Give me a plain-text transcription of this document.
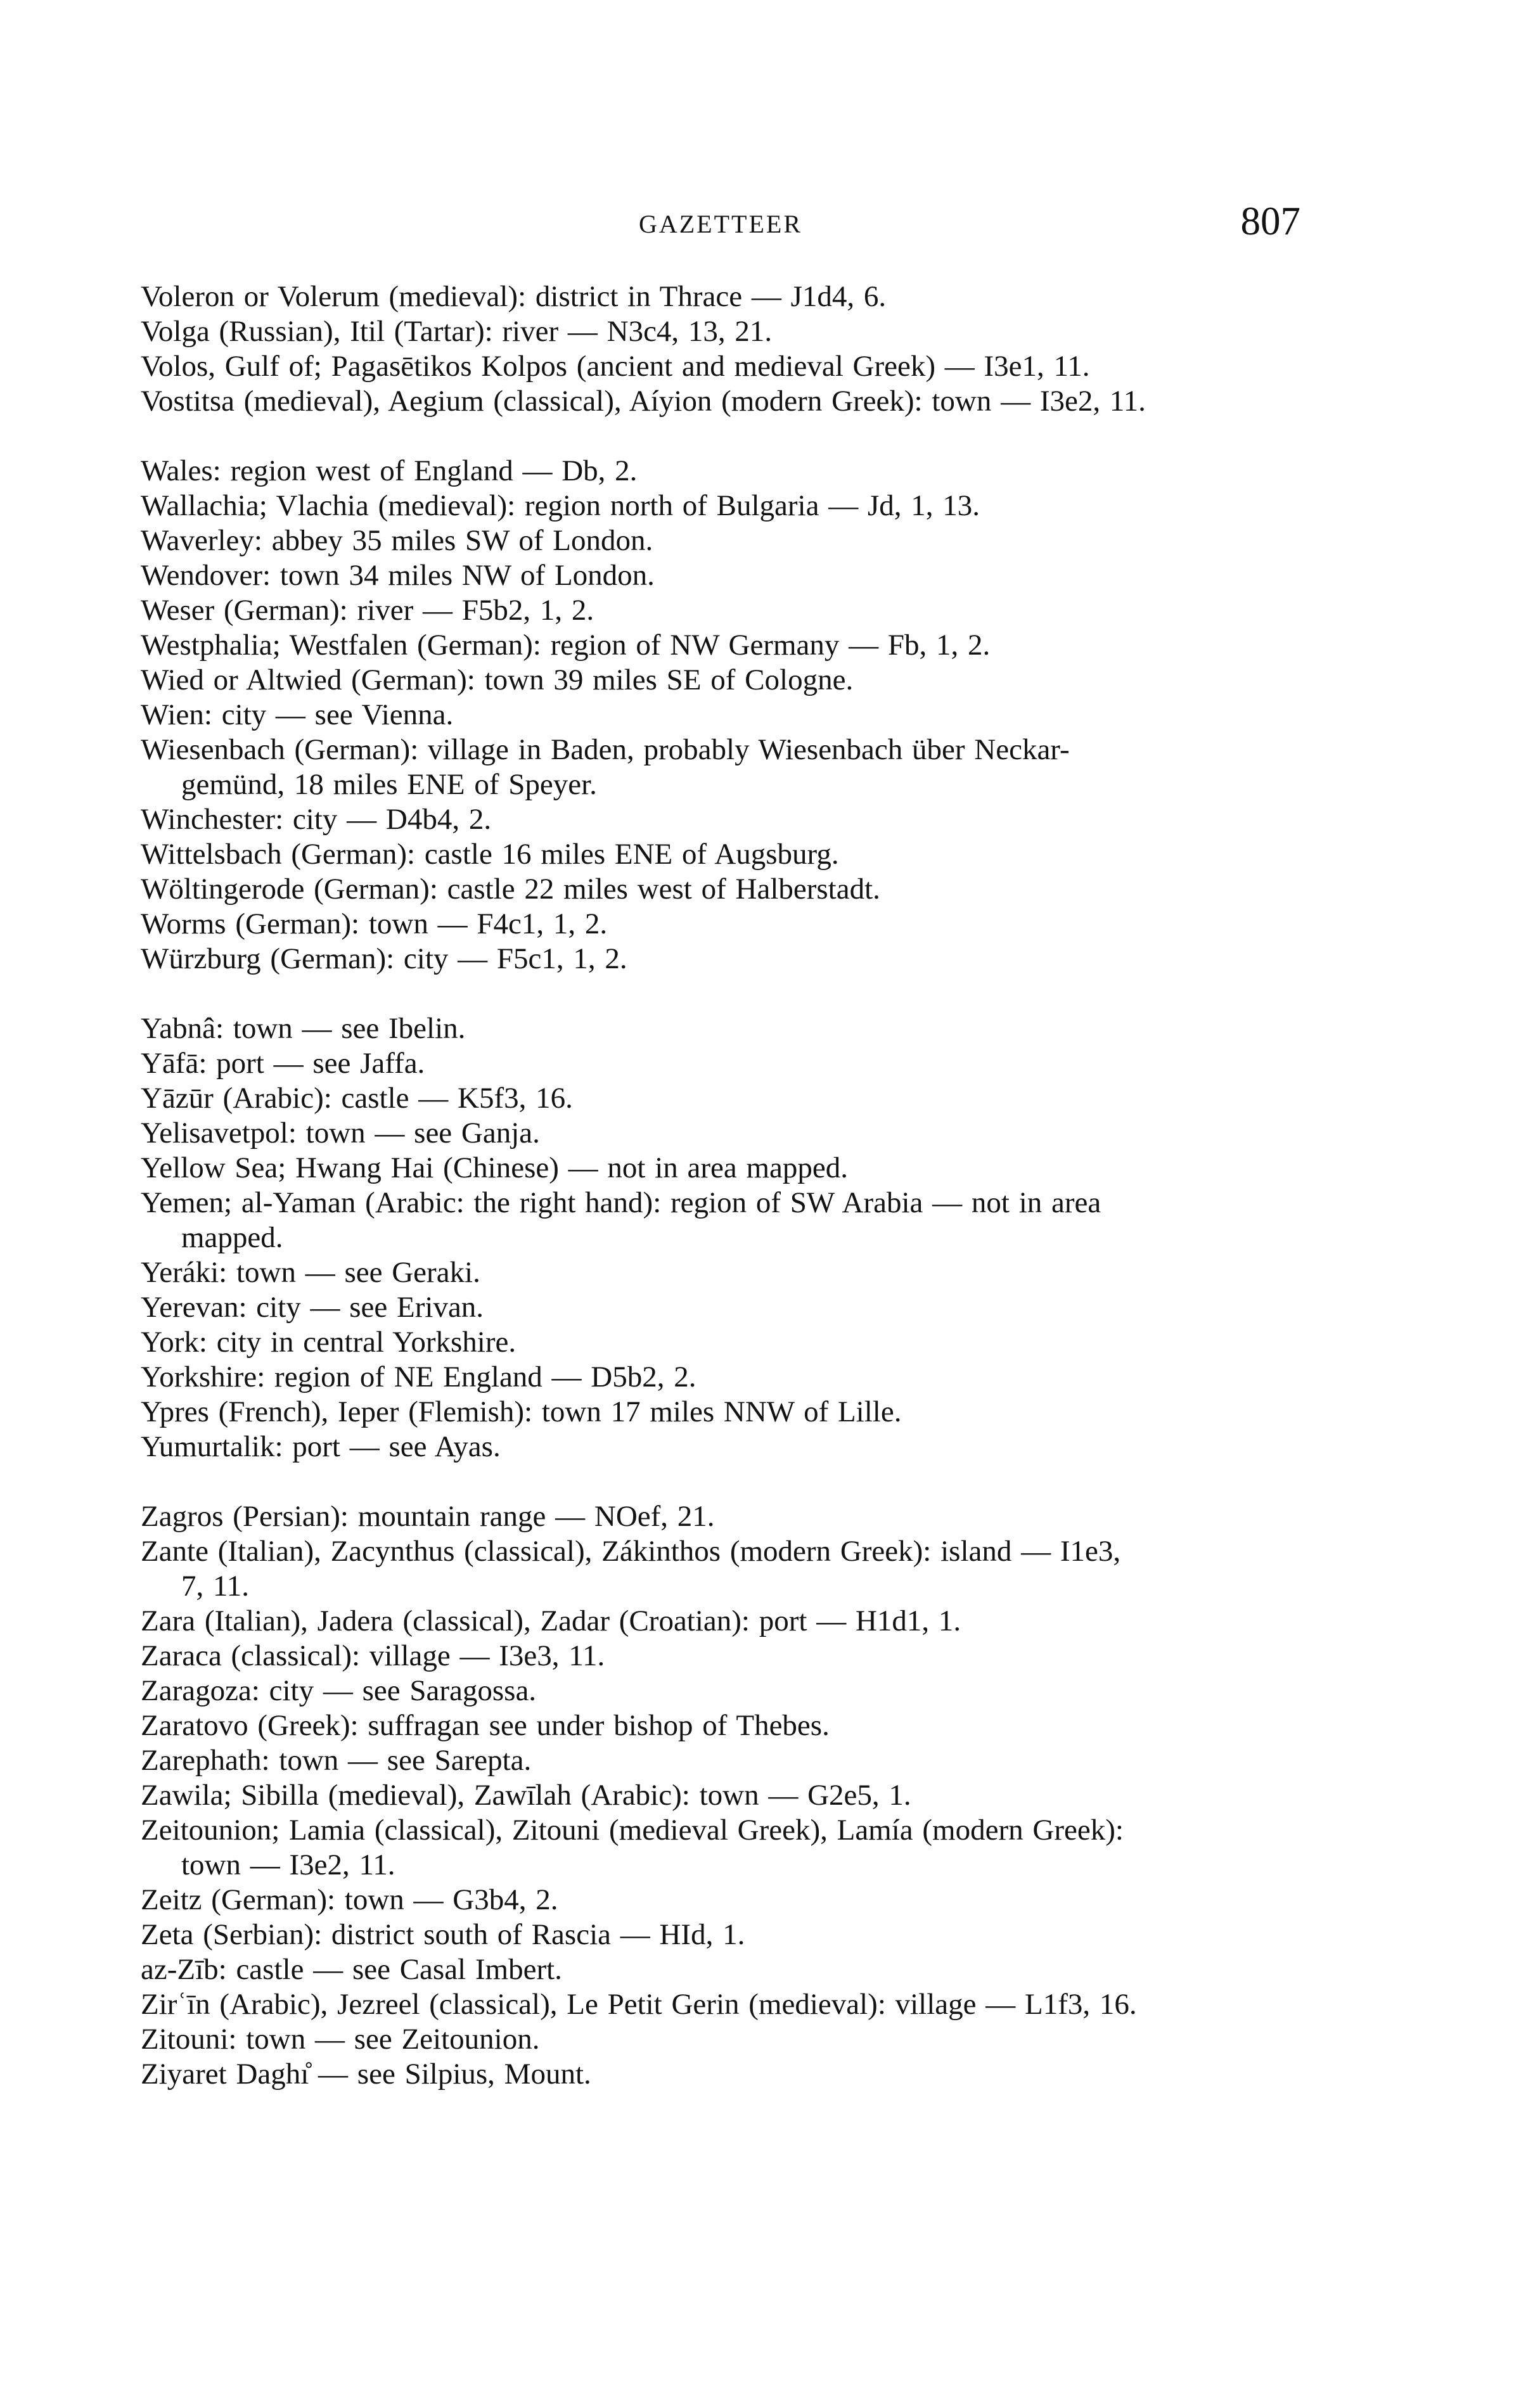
GAZETTEER	807

Voleron or Volerum (medieval): district in Thrace — J1d4, 6.

Volga (Russian), Itil (Tartar): river — N3c4, 13, 21.

Volos, Gulf of; Pagasētikos Kolpos (ancient and medieval Greek) — I3e1, 11.

Vostitsa (medieval), Aegium (classical), Aíyion (modern Greek): town — I3e2, 11.

Wales: region west of England — Db, 2.

Wallachia; Vlachia (medieval): region north of Bulgaria — Jd, 1, 13.

Waverley: abbey 35 miles SW of London.

Wendover: town 34 miles NW of London.

Weser (German): river — F5b2, 1, 2.

Westphalia; Westfalen (German): region of NW Germany — Fb, 1, 2.

Wied or Altwied (German): town 39 miles SE of Cologne.

Wien: city — see Vienna.

Wiesenbach (German): village in Baden, probably Wiesenbach über Neckar-
gemünd, 18 miles ENE of Speyer.

Winchester: city — D4b4, 2.

Wittelsbach (German): castle 16 miles ENE of Augsburg.

Wöltingerode (German): castle 22 miles west of Halberstadt.

Worms (German): town — F4c1, 1, 2.

Würzburg (German): city — F5c1, 1, 2.

Yabnâ: town — see Ibelin.

Yāfā: port — see Jaffa.

Yāzūr (Arabic): castle — K5f3, 16.

Yelisavetpol: town — see Ganja.

Yellow Sea; Hwang Hai (Chinese) — not in area mapped.

Yemen; al-Yaman (Arabic: the right hand): region of SW Arabia — not in area
mapped.

Yeráki: town — see Geraki.

Yerevan: city — see Erivan.

York: city in central Yorkshire.

Yorkshire: region of NE England — D5b2, 2.

Ypres (French), Ieper (Flemish): town 17 miles NNW of Lille.

Yumurtalik: port — see Ayas.

Zagros (Persian): mountain range — NOef, 21.

Zante (Italian), Zacynthus (classical), Zákinthos (modern Greek): island — I1e3,
7, 11.

Zara (Italian), Jadera (classical), Zadar (Croatian): port — H1d1, 1.

Zaraca (classical): village — I3e3, 11.

Zaragoza: city — see Saragossa.

Zaratovo (Greek): suffragan see under bishop of Thebes.

Zarephath: town — see Sarepta.

Zawila; Sibilla (medieval), Zawīlah (Arabic): town — G2e5, 1.

Zeitounion; Lamia (classical), Zitouni (medieval Greek), Lamía (modern Greek):
town — I3e2, 11.

Zeitz (German): town — G3b4, 2.

Zeta (Serbian): district south of Rascia — HId, 1.

az-Zīb: castle — see Casal Imbert.

Zirʿīn (Arabic), Jezreel (classical), Le Petit Gerin (medieval): village — L1f3, 16.

Zitouni: town — see Zeitounion.

Ziyaret Daghı̊ — see Silpius, Mount.
